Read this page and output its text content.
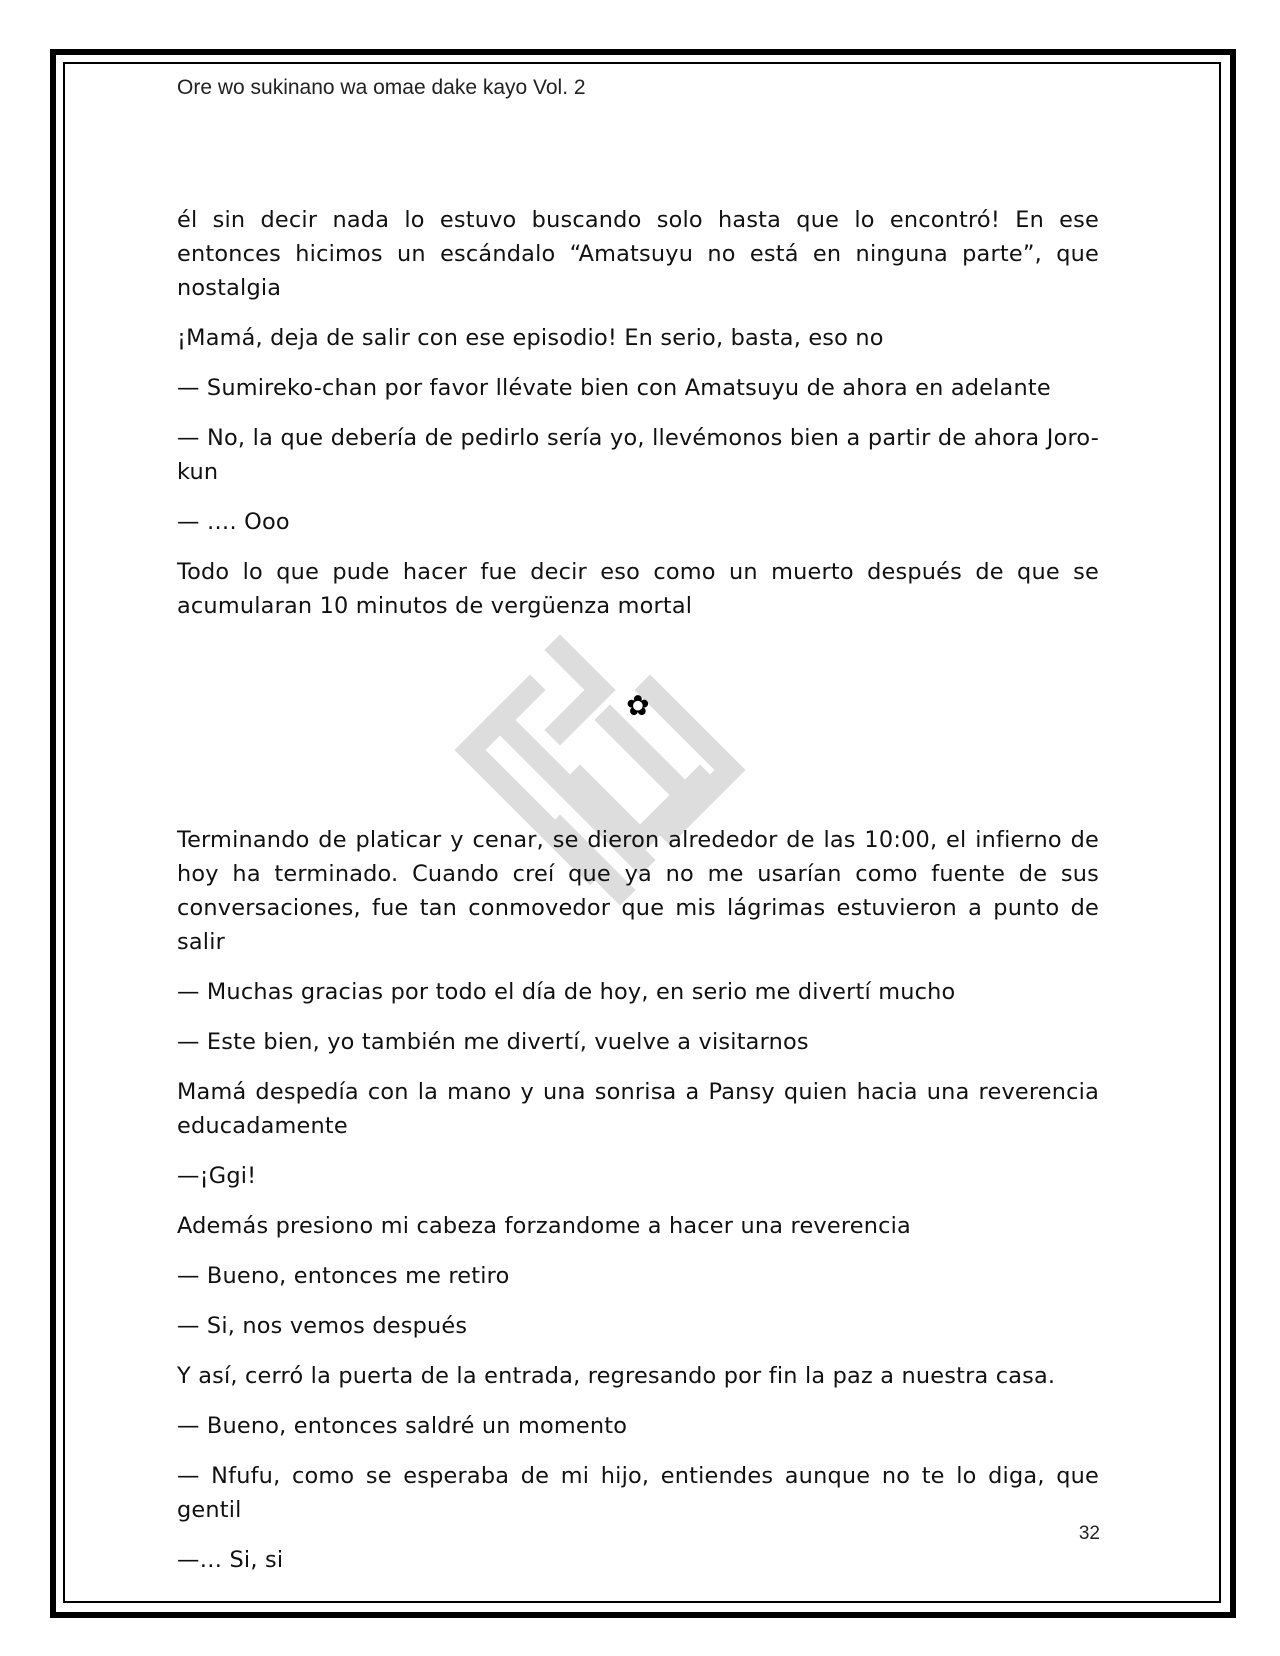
Ore wo sukinano wa omae dake kayo Vol. 2

él sin decir nada lo estuvo buscando solo hasta que lo encontró! En ese entonces hicimos un escándalo “Amatsuyu no está en ninguna parte”, que nostalgia

¡Mamá, deja de salir con ese episodio! En serio, basta, eso no

— Sumireko-chan por favor llévate bien con Amatsuyu de ahora en adelante

— No, la que debería de pedirlo sería yo, llevémonos bien a partir de ahora Joro-kun

— …. Ooo

Todo lo que pude hacer fue decir eso como un muerto después de que se acumularan 10 minutos de vergüenza mortal

✿

Terminando de platicar y cenar, se dieron alrededor de las 10:00, el infierno de hoy ha terminado. Cuando creí que ya no me usarían como fuente de sus conversaciones, fue tan conmovedor que mis lágrimas estuvieron a punto de salir

— Muchas gracias por todo el día de hoy, en serio me divertí mucho

— Este bien, yo también me divertí, vuelve a visitarnos

Mamá despedía con la mano y una sonrisa a Pansy quien hacia una reverencia educadamente

—¡Ggi!

Además presiono mi cabeza forzandome a hacer una reverencia

— Bueno, entonces me retiro

— Si, nos vemos después

Y así, cerró la puerta de la entrada, regresando por fin la paz a nuestra casa.

— Bueno, entonces saldré un momento

— Nfufu, como se esperaba de mi hijo, entiendes aunque no te lo diga, que gentil

—… Si, si

32
